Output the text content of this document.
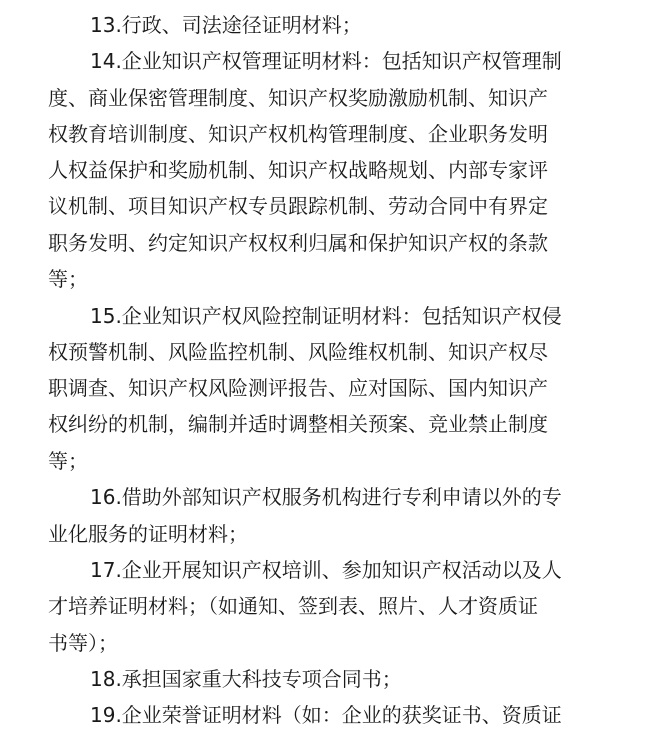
13.行政、司法途径证明材料；
14.企业知识产权管理证明材料：包括知识产权管理制
度、商业保密管理制度、知识产权奖励激励机制、知识产
权教育培训制度、知识产权机构管理制度、企业职务发明
人权益保护和奖励机制、知识产权战略规划、内部专家评
议机制、项目知识产权专员跟踪机制、劳动合同中有界定
职务发明、约定知识产权权利归属和保护知识产权的条款
等；
15.企业知识产权风险控制证明材料：包括知识产权侵
权预警机制、风险监控机制、风险维权机制、知识产权尽
职调查、知识产权风险测评报告、应对国际、国内知识产
权纠纷的机制，编制并适时调整相关预案、竞业禁止制度
等；
16.借助外部知识产权服务机构进行专利申请以外的专
业化服务的证明材料；
17.企业开展知识产权培训、参加知识产权活动以及人
才培养证明材料；（如通知、签到表、照片、人才资质证
书等）；
18.承担国家重大科技专项合同书；
19.企业荣誉证明材料（如：企业的获奖证书、资质证
